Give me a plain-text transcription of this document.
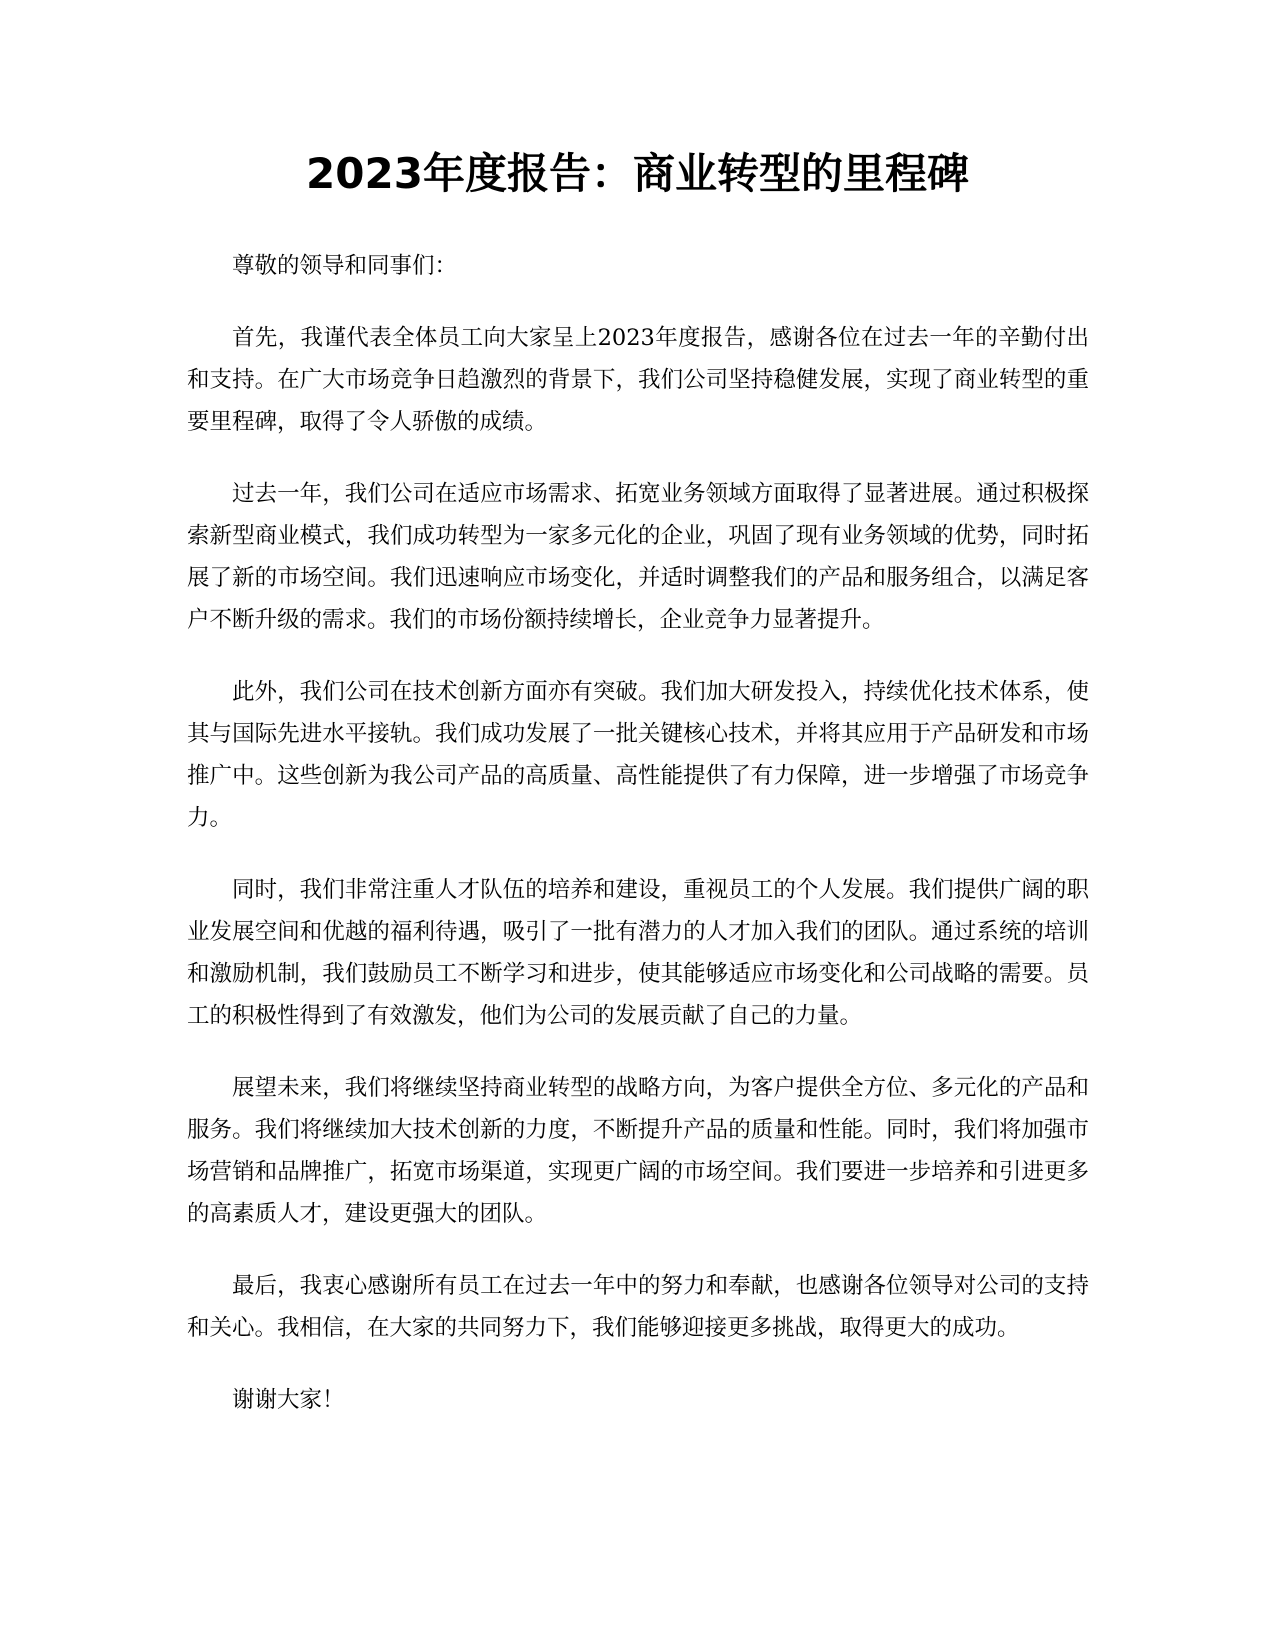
2023年度报告：商业转型的里程碑

尊敬的领导和同事们：

首先，我谨代表全体员工向大家呈上2023年度报告，感谢各位在过去一年的辛勤付出和支持。在广大市场竞争日趋激烈的背景下，我们公司坚持稳健发展，实现了商业转型的重要里程碑，取得了令人骄傲的成绩。

过去一年，我们公司在适应市场需求、拓宽业务领域方面取得了显著进展。通过积极探索新型商业模式，我们成功转型为一家多元化的企业，巩固了现有业务领域的优势，同时拓展了新的市场空间。我们迅速响应市场变化，并适时调整我们的产品和服务组合，以满足客户不断升级的需求。我们的市场份额持续增长，企业竞争力显著提升。

此外，我们公司在技术创新方面亦有突破。我们加大研发投入，持续优化技术体系，使其与国际先进水平接轨。我们成功发展了一批关键核心技术，并将其应用于产品研发和市场推广中。这些创新为我公司产品的高质量、高性能提供了有力保障，进一步增强了市场竞争力。

同时，我们非常注重人才队伍的培养和建设，重视员工的个人发展。我们提供广阔的职业发展空间和优越的福利待遇，吸引了一批有潜力的人才加入我们的团队。通过系统的培训和激励机制，我们鼓励员工不断学习和进步，使其能够适应市场变化和公司战略的需要。员工的积极性得到了有效激发，他们为公司的发展贡献了自己的力量。

展望未来，我们将继续坚持商业转型的战略方向，为客户提供全方位、多元化的产品和服务。我们将继续加大技术创新的力度，不断提升产品的质量和性能。同时，我们将加强市场营销和品牌推广，拓宽市场渠道，实现更广阔的市场空间。我们要进一步培养和引进更多的高素质人才，建设更强大的团队。

最后，我衷心感谢所有员工在过去一年中的努力和奉献，也感谢各位领导对公司的支持和关心。我相信，在大家的共同努力下，我们能够迎接更多挑战，取得更大的成功。

谢谢大家！
